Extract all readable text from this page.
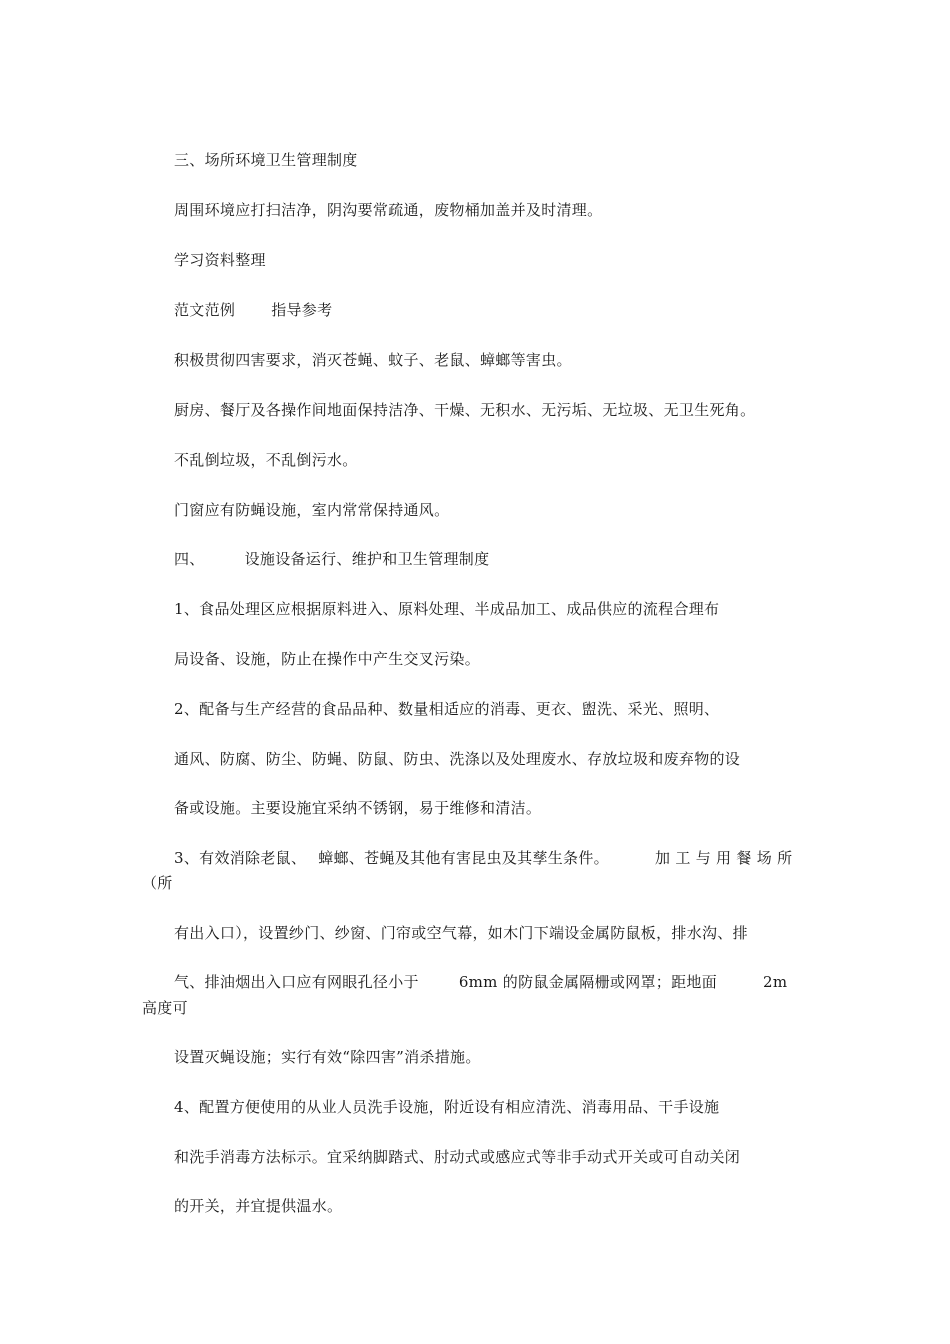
三、场所环境卫生管理制度
周围环境应打扫洁净，阴沟要常疏通，废物桶加盖并及时清理。
学习资料整理
范文范例 指导参考
积极贯彻四害要求，消灭苍蝇、蚊子、老鼠、蟑螂等害虫。
厨房、餐厅及各操作间地面保持洁净、干燥、无积水、无污垢、无垃圾、无卫生死角。
不乱倒垃圾，不乱倒污水。
门窗应有防蝇设施，室内常常保持通风。
四、	设施设备运行、维护和卫生管理制度
1、食品处理区应根据原料进入、原料处理、半成品加工、成品供应的流程合理布
局设备、设施，防止在操作中产生交叉污染。
2、配备与生产经营的食品品种、数量相适应的消毒、更衣、盥洗、采光、照明、
通风、防腐、防尘、防蝇、防鼠、防虫、洗涤以及处理废水、存放垃圾和废弃物的设
备或设施。主要设施宜采纳不锈钢，易于维修和清洁。
3、有效消除老鼠、 蟑螂、苍蝇及其他有害昆虫及其孳生条件。	加 工 与 用 餐 场 所
（所
有出入口），设置纱门、纱窗、门帘或空气幕，如木门下端设金属防鼠板，排水沟、排
气、排油烟出入口应有网眼孔径小于	6mm 的防鼠金属隔栅或网罩；距地面	2m
高度可
设置灭蝇设施；实行有效“除四害”消杀措施。
4、配置方便使用的从业人员洗手设施，附近设有相应清洗、消毒用品、干手设施
和洗手消毒方法标示。宜采纳脚踏式、肘动式或感应式等非手动式开关或可自动关闭
的开关，并宜提供温水。
